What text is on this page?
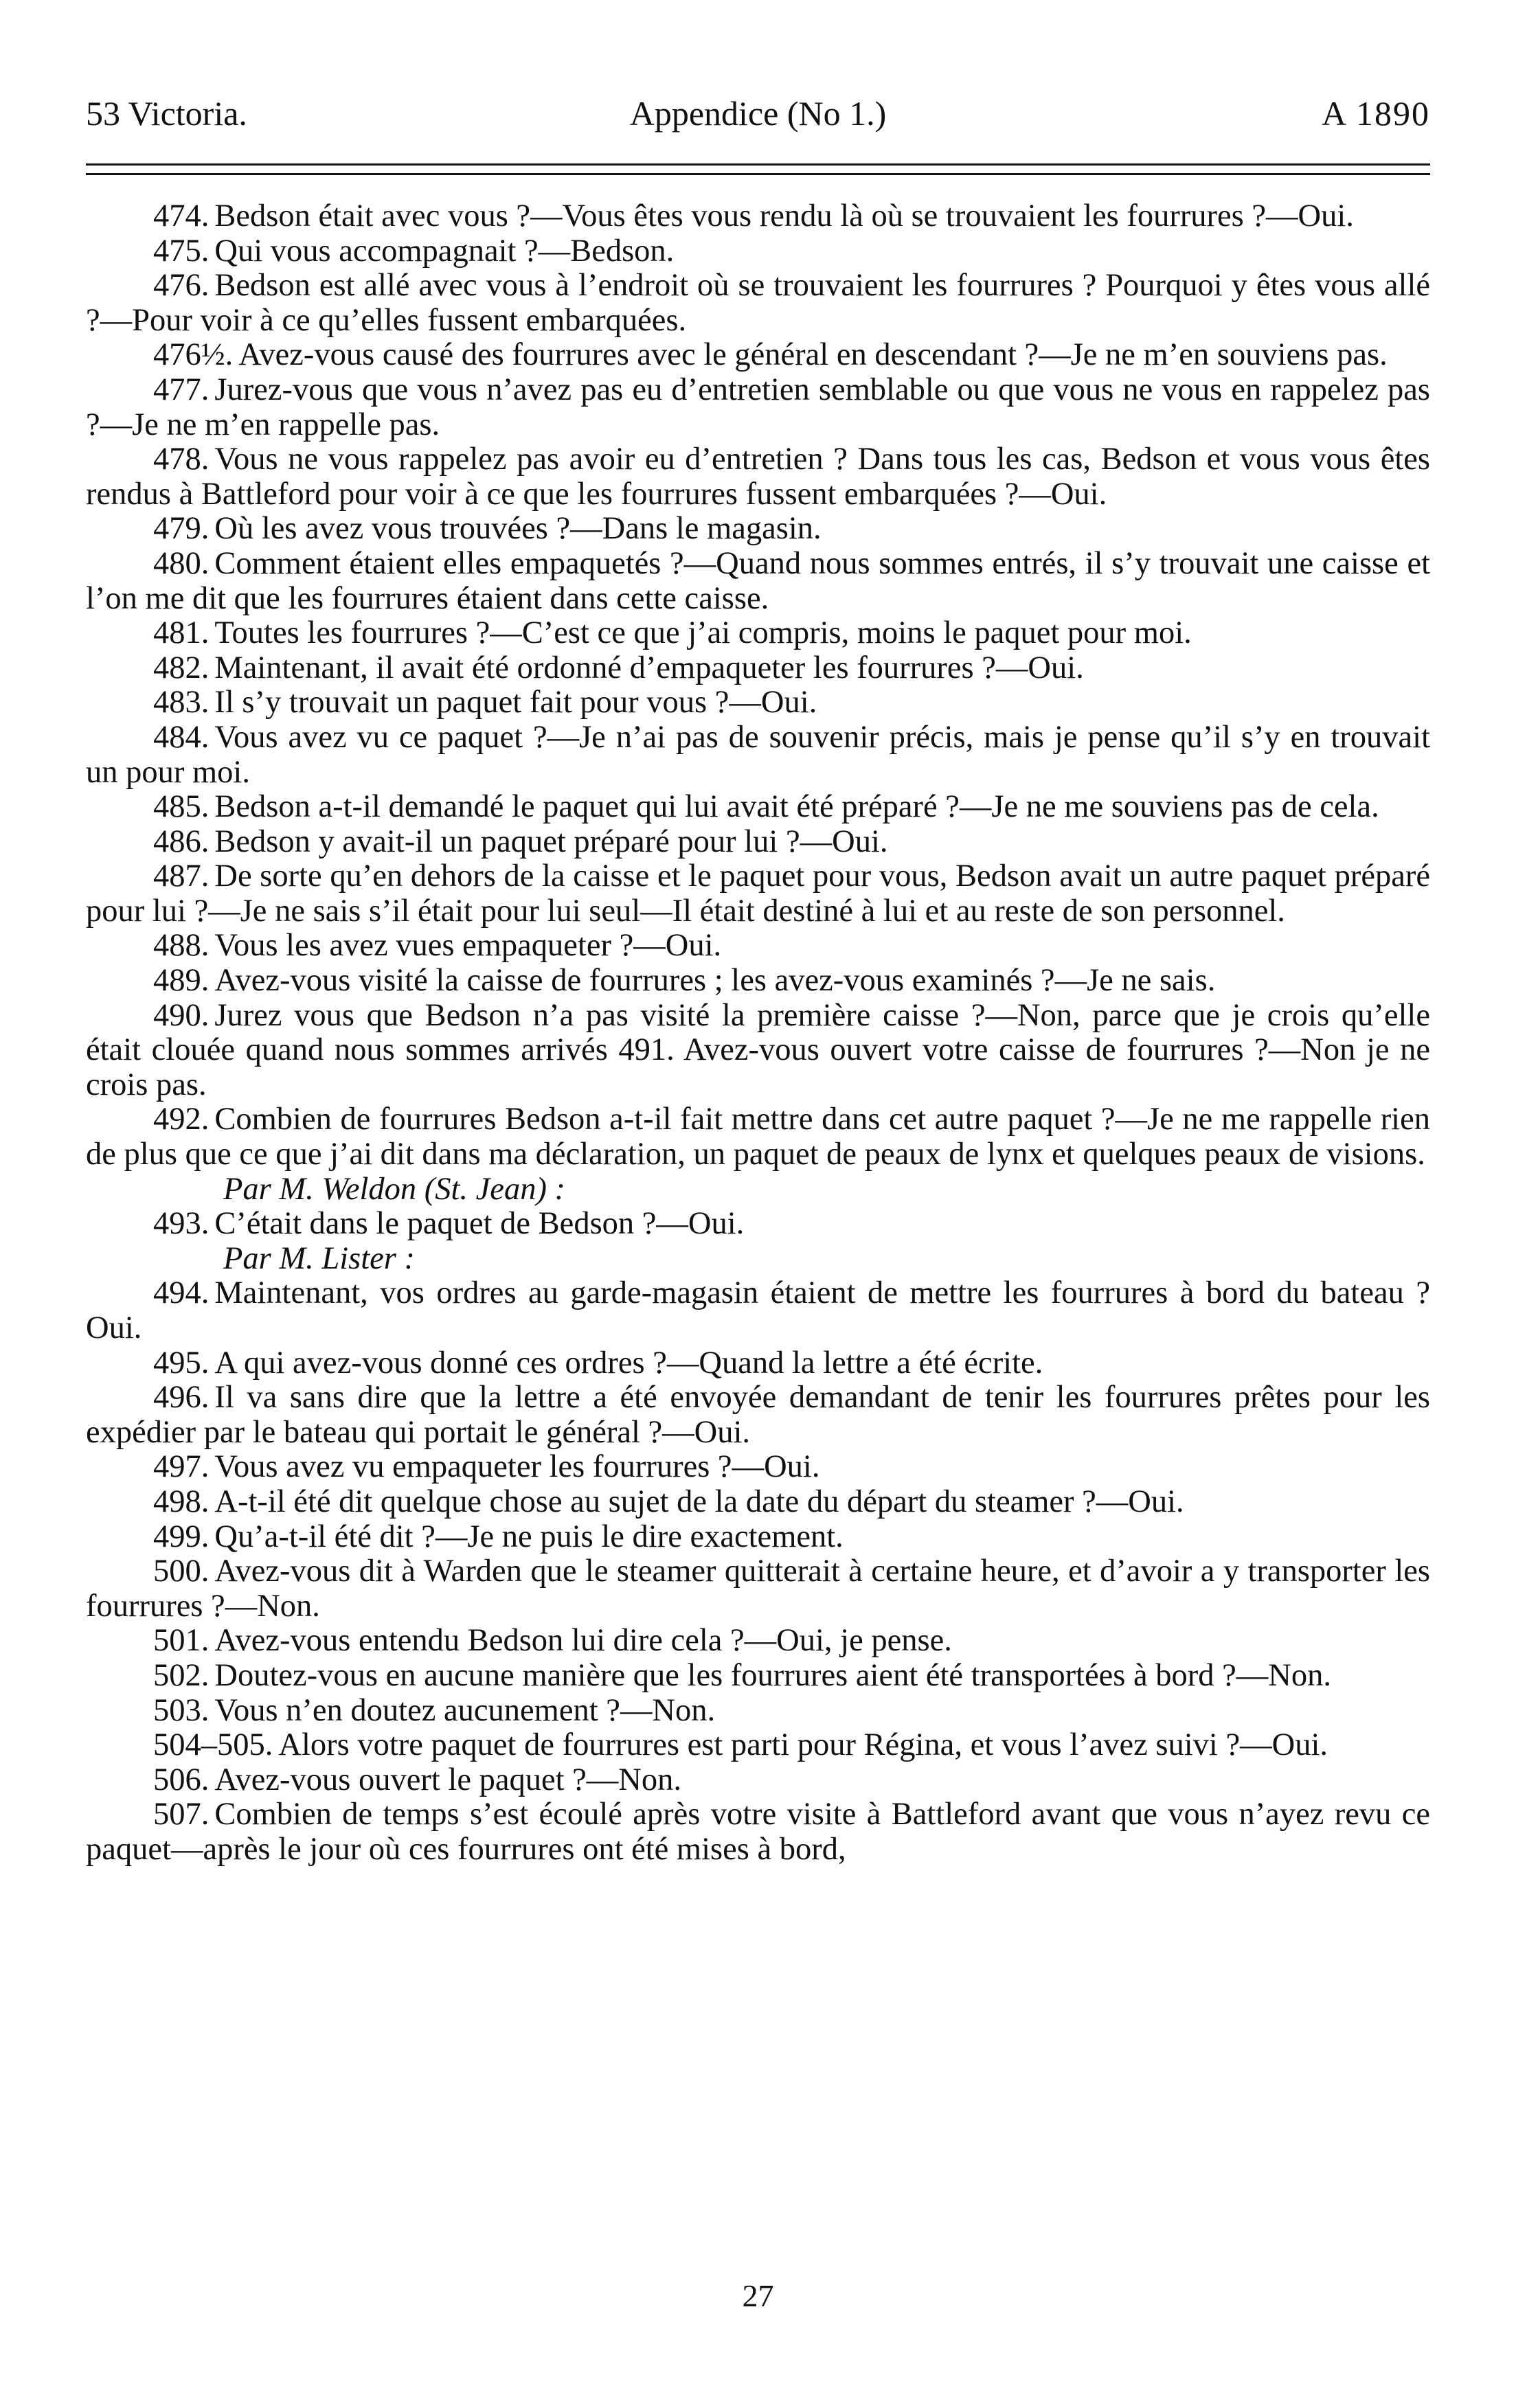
53 Victoria.	Appendice (No 1.)	A 1890

474. Bedson était avec vous ?—Vous êtes vous rendu là où se trouvaient les fourrures ?—Oui.

475. Qui vous accompagnait ?—Bedson.

476. Bedson est allé avec vous à l’endroit où se trouvaient les fourrures ? Pourquoi y êtes vous allé ?—Pour voir à ce qu’elles fussent embarquées.

476½. Avez-vous causé des fourrures avec le général en descendant ?—Je ne m’en souviens pas.

477. Jurez-vous que vous n’avez pas eu d’entretien semblable ou que vous ne vous en rappelez pas ?—Je ne m’en rappelle pas.

478. Vous ne vous rappelez pas avoir eu d’entretien ? Dans tous les cas, Bedson et vous vous êtes rendus à Battleford pour voir à ce que les fourrures fussent embarquées ?—Oui.

479. Où les avez vous trouvées ?—Dans le magasin.

480. Comment étaient elles empaquetés ?—Quand nous sommes entrés, il s’y trouvait une caisse et l’on me dit que les fourrures étaient dans cette caisse.

481. Toutes les fourrures ?—C’est ce que j’ai compris, moins le paquet pour moi.

482. Maintenant, il avait été ordonné d’empaqueter les fourrures ?—Oui.

483. Il s’y trouvait un paquet fait pour vous ?—Oui.

484. Vous avez vu ce paquet ?—Je n’ai pas de souvenir précis, mais je pense qu’il s’y en trouvait un pour moi.

485. Bedson a-t-il demandé le paquet qui lui avait été préparé ?—Je ne me souviens pas de cela.

486. Bedson y avait-il un paquet préparé pour lui ?—Oui.

487. De sorte qu’en dehors de la caisse et le paquet pour vous, Bedson avait un autre paquet préparé pour lui ?—Je ne sais s’il était pour lui seul—Il était destiné à lui et au reste de son personnel.

488. Vous les avez vues empaqueter ?—Oui.

489. Avez-vous visité la caisse de fourrures ; les avez-vous examinés ?—Je ne sais.

490. Jurez vous que Bedson n’a pas visité la première caisse ?—Non, parce que je crois qu’elle était clouée quand nous sommes arrivés 491. Avez-vous ouvert votre caisse de fourrures ?—Non je ne crois pas.

492. Combien de fourrures Bedson a-t-il fait mettre dans cet autre paquet ?—Je ne me rappelle rien de plus que ce que j’ai dit dans ma déclaration, un paquet de peaux de lynx et quelques peaux de visions.

Par M. Weldon (St. Jean) :

493. C’était dans le paquet de Bedson ?—Oui.

Par M. Lister :

494. Maintenant, vos ordres au garde-magasin étaient de mettre les fourrures à bord du bateau ? Oui.

495. A qui avez-vous donné ces ordres ?—Quand la lettre a été écrite.

496. Il va sans dire que la lettre a été envoyée demandant de tenir les fourrures prêtes pour les expédier par le bateau qui portait le général ?—Oui.

497. Vous avez vu empaqueter les fourrures ?—Oui.

498. A-t-il été dit quelque chose au sujet de la date du départ du steamer ?—Oui.

499. Qu’a-t-il été dit ?—Je ne puis le dire exactement.

500. Avez-vous dit à Warden que le steamer quitterait à certaine heure, et d’avoir a y transporter les fourrures ?—Non.

501. Avez-vous entendu Bedson lui dire cela ?—Oui, je pense.

502. Doutez-vous en aucune manière que les fourrures aient été transportées à bord ?—Non.

503. Vous n’en doutez aucunement ?—Non.

504–505. Alors votre paquet de fourrures est parti pour Régina, et vous l’avez suivi ?—Oui.

506. Avez-vous ouvert le paquet ?—Non.

507. Combien de temps s’est écoulé après votre visite à Battleford avant que vous n’ayez revu ce paquet—après le jour où ces fourrures ont été mises à bord,

27
